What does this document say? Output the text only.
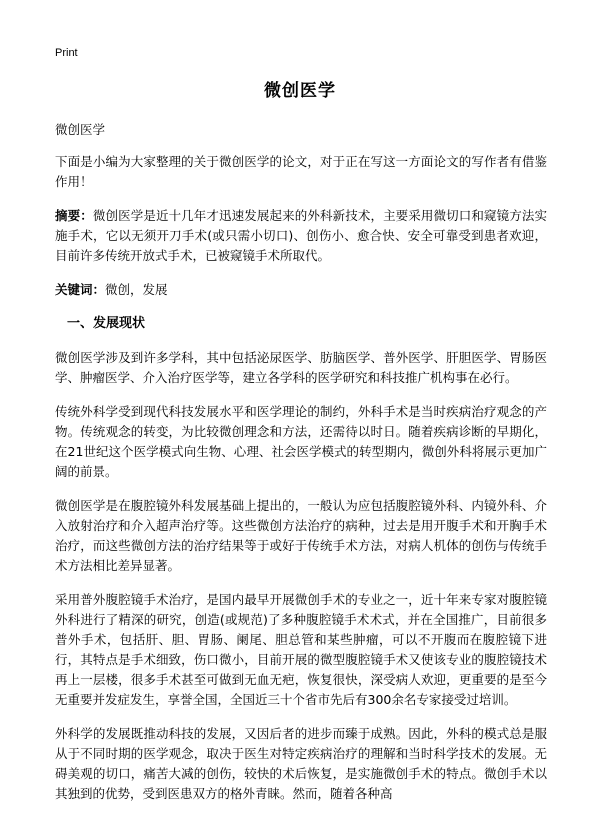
Print
微创医学

微创医学

下面是小编为大家整理的关于微创医学的论文，对于正在写这一方面论文的写作者有借鉴作用！

摘要：微创医学是近十几年才迅速发展起来的外科新技术，主要采用微切口和窥镜方法实施手术，它以无须开刀手术(或只需小切口)、创伤小、愈合快、安全可靠受到患者欢迎，目前许多传统开放式手术，已被窥镜手术所取代。

关键词：微创，发展

一、发展现状

微创医学涉及到许多学科，其中包括泌尿医学、肪脑医学、普外医学、肝胆医学、胃肠医学、肿瘤医学、介入治疗医学等，建立各学科的医学研究和科技推广机构事在必行。

传统外科学受到现代科技发展水平和医学理论的制约，外科手术是当时疾病治疗观念的产物。传统观念的转变，为比较微创理念和方法，还需待以时日。随着疾病诊断的早期化，在21世纪这个医学模式向生物、心理、社会医学模式的转型期内，微创外科将展示更加广阔的前景。

微创医学是在腹腔镜外科发展基础上提出的，一般认为应包括腹腔镜外科、内镜外科、介入放射治疗和介入超声治疗等。这些微创方法治疗的病种，过去是用开腹手术和开胸手术治疗，而这些微创方法的治疗结果等于或好于传统手术方法，对病人机体的创伤与传统手术方法相比差异显著。

采用普外腹腔镜手术治疗，是国内最早开展微创手术的专业之一，近十年来专家对腹腔镜外科进行了精深的研究，创造(或规范)了多种腹腔镜手术术式，并在全国推广，目前很多普外手术，包括肝、胆、胃肠、阑尾、胆总管和某些肿瘤，可以不开腹而在腹腔镜下进行，其特点是手术细致，伤口微小，目前开展的微型腹腔镜手术又使该专业的腹腔镜技术再上一层楼，很多手术甚至可做到无血无疤，恢复很快，深受病人欢迎，更重要的是至今无重要并发症发生，享誉全国，全国近三十个省市先后有300余名专家接受过培训。

外科学的发展既推动科技的发展，又因后者的进步而臻于成熟。因此，外科的模式总是服从于不同时期的医学观念，取决于医生对特定疾病治疗的理解和当时科学技术的发展。无碍美观的切口，痛苦大减的创伤，较快的术后恢复，是实施微创手术的特点。微创手术以其独到的优势，受到医患双方的格外青睐。然而，随着各种高
